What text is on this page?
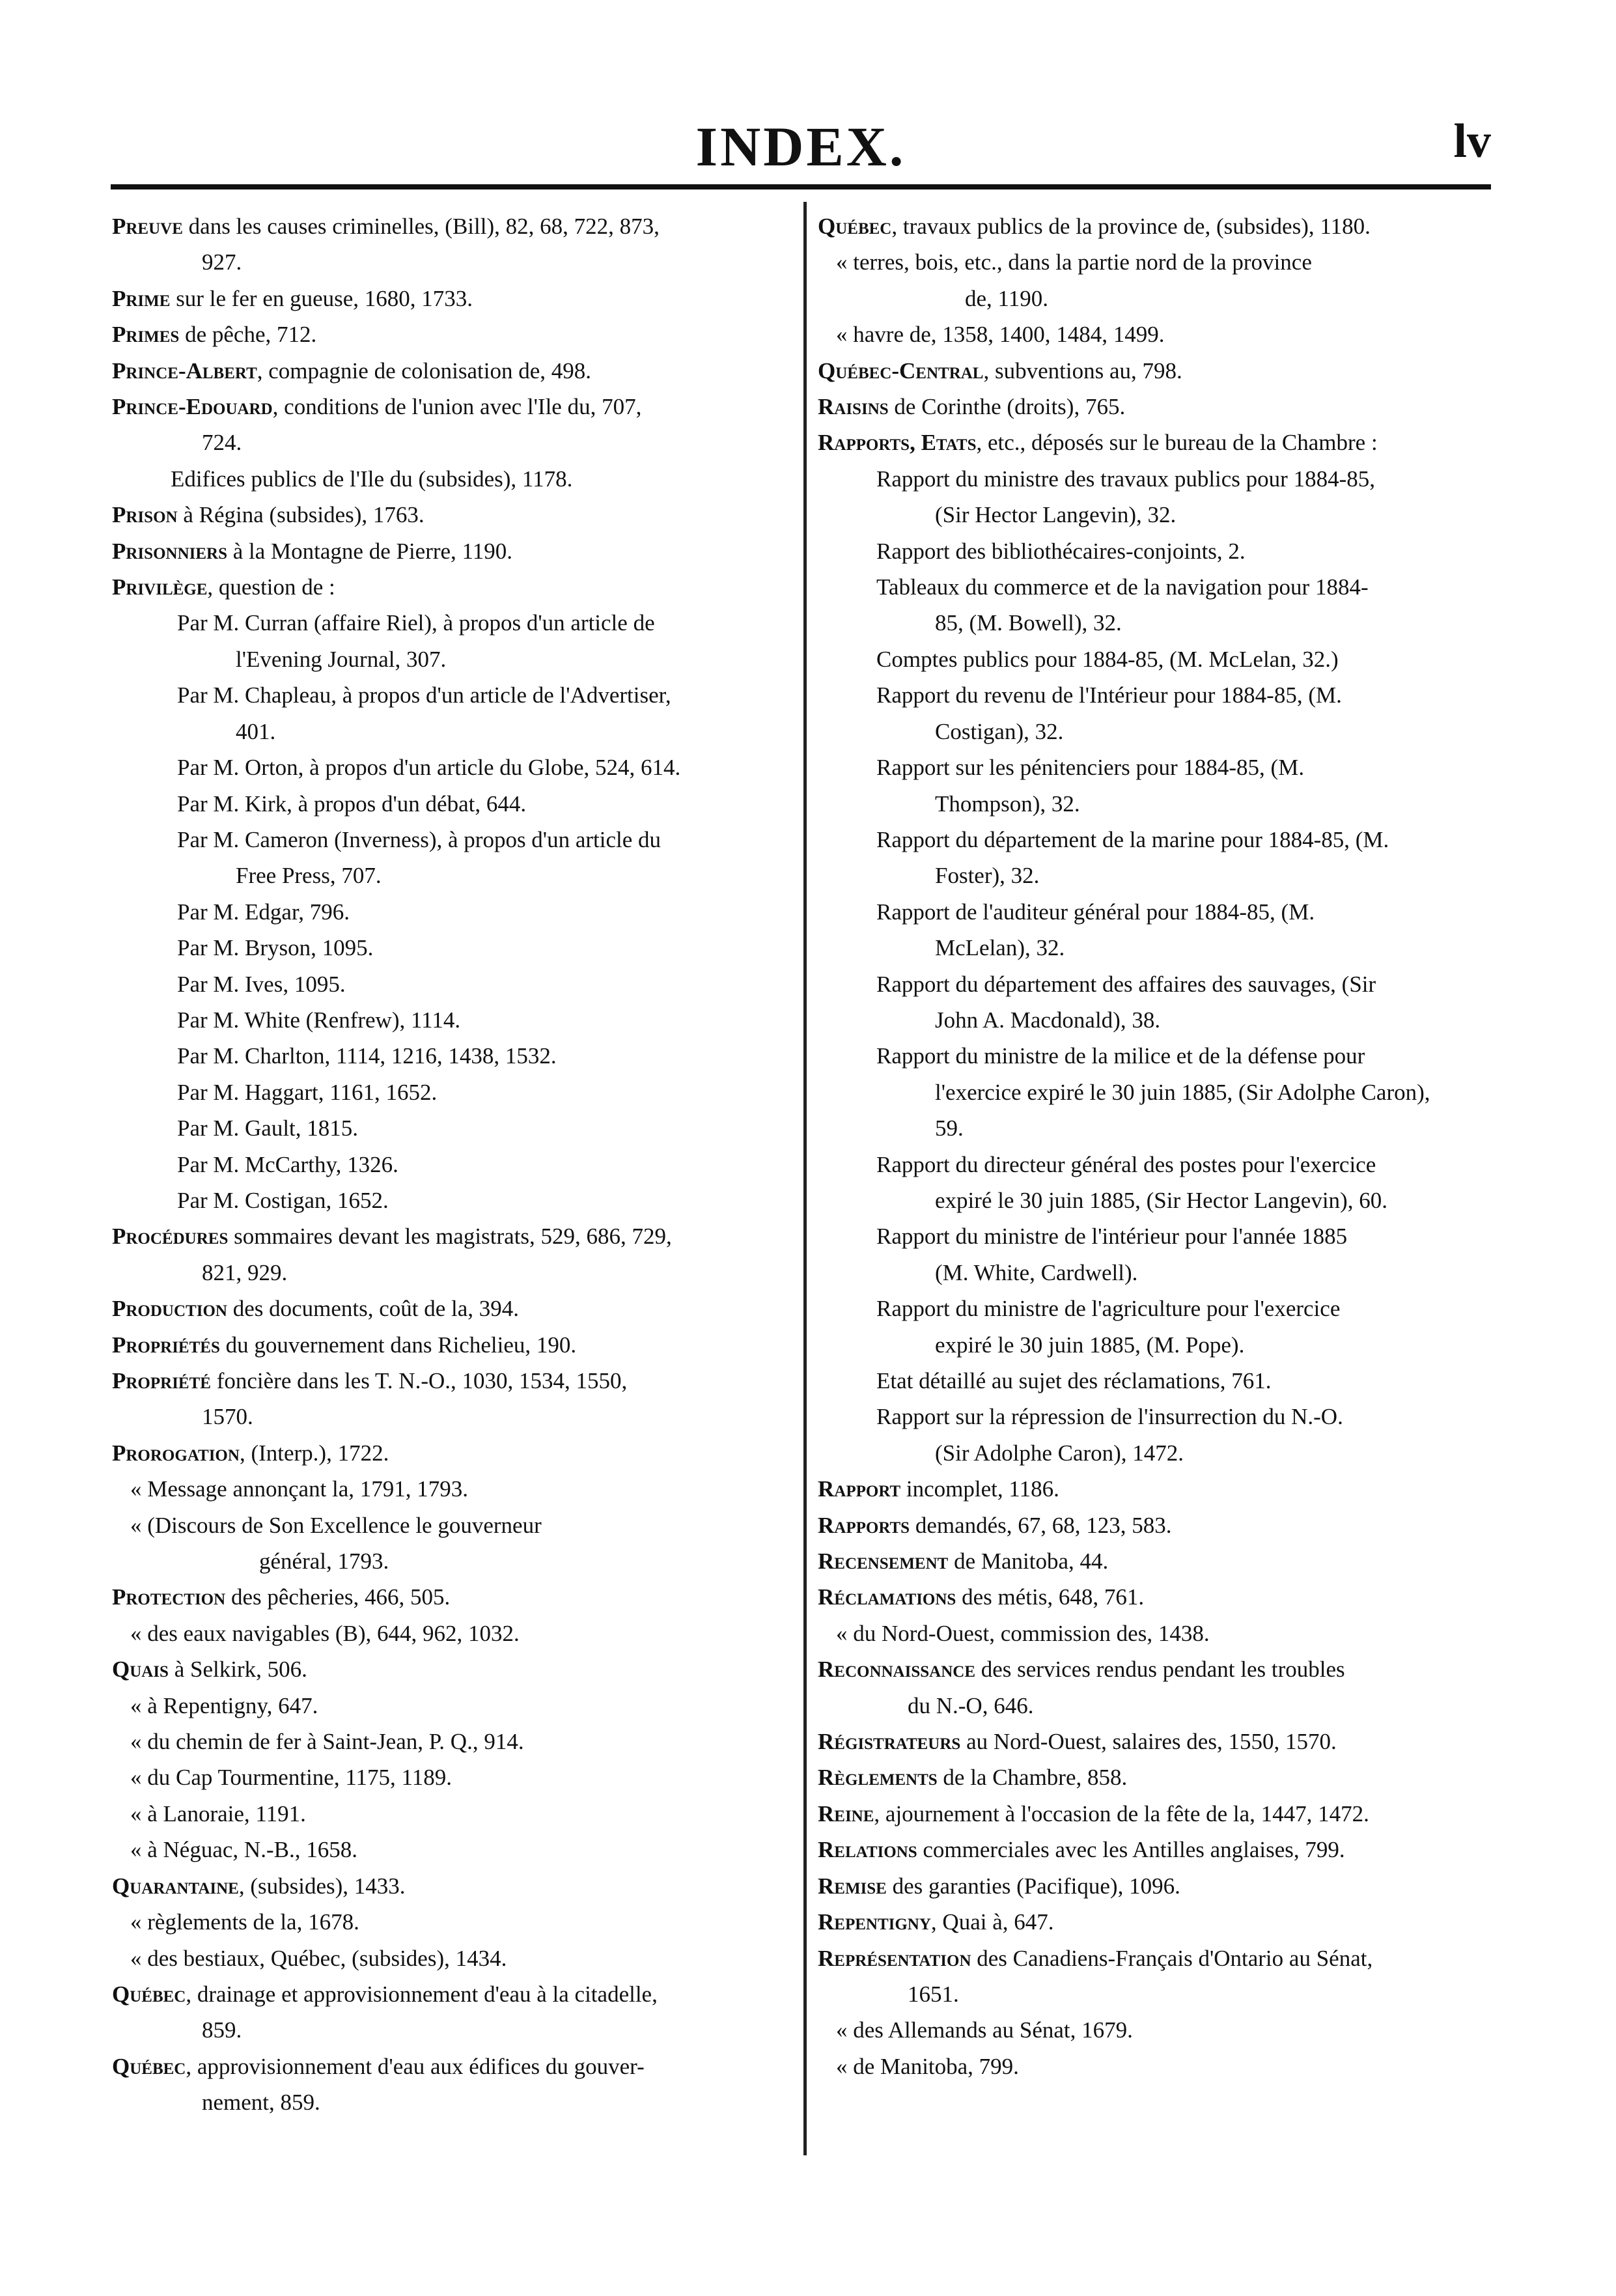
INDEX.	lv

Preuve dans les causes criminelles, (Bill), 82, 68, 722, 873,
927.

Prime sur le fer en gueuse, 1680, 1733.

Primes de pêche, 712.

Prince-Albert, compagnie de colonisation de, 498.

Prince-Edouard, conditions de l'union avec l'Ile du, 707,
724.

Edifices publics de l'Ile du (subsides), 1178.

Prison à Régina (subsides), 1763.

Prisonniers à la Montagne de Pierre, 1190.

Privilège, question de :

Par M. Curran (affaire Riel), à propos d'un article de
l'Evening Journal, 307.

Par M. Chapleau, à propos d'un article de l'Advertiser,
401.

Par M. Orton, à propos d'un article du Globe, 524, 614.

Par M. Kirk, à propos d'un débat, 644.

Par M. Cameron (Inverness), à propos d'un article du
Free Press, 707.

Par M. Edgar, 796.

Par M. Bryson, 1095.

Par M. Ives, 1095.

Par M. White (Renfrew), 1114.

Par M. Charlton, 1114, 1216, 1438, 1532.

Par M. Haggart, 1161, 1652.

Par M. Gault, 1815.

Par M. McCarthy, 1326.

Par M. Costigan, 1652.

Procédures sommaires devant les magistrats, 529, 686, 729,
821, 929.

Production des documents, coût de la, 394.

Propriétés du gouvernement dans Richelieu, 190.

Propriété foncière dans les T. N.-O., 1030, 1534, 1550,
1570.

Prorogation, (Interp.), 1722.

« Message annonçant la, 1791, 1793.

« (Discours de Son Excellence le gouverneur
général, 1793.

Protection des pêcheries, 466, 505.

« des eaux navigables (B), 644, 962, 1032.

Quais à Selkirk, 506.

« à Repentigny, 647.

« du chemin de fer à Saint-Jean, P. Q., 914.

« du Cap Tourmentine, 1175, 1189.

« à Lanoraie, 1191.

« à Néguac, N.-B., 1658.

Quarantaine, (subsides), 1433.

« règlements de la, 1678.

« des bestiaux, Québec, (subsides), 1434.

Québec, drainage et approvisionnement d'eau à la citadelle,
859.

Québec, approvisionnement d'eau aux édifices du gouver-
nement, 859.

Québec, travaux publics de la province de, (subsides), 1180.

« terres, bois, etc., dans la partie nord de la province
de, 1190.

« havre de, 1358, 1400, 1484, 1499.

Québec-Central, subventions au, 798.

Raisins de Corinthe (droits), 765.

Rapports, Etats, etc., déposés sur le bureau de la Chambre :

Rapport du ministre des travaux publics pour 1884-85,
(Sir Hector Langevin), 32.

Rapport des bibliothécaires-conjoints, 2.

Tableaux du commerce et de la navigation pour 1884-
85, (M. Bowell), 32.

Comptes publics pour 1884-85, (M. McLelan, 32.)

Rapport du revenu de l'Intérieur pour 1884-85, (M.
Costigan), 32.

Rapport sur les pénitenciers pour 1884-85, (M.
Thompson), 32.

Rapport du département de la marine pour 1884-85, (M.
Foster), 32.

Rapport de l'auditeur général pour 1884-85, (M.
McLelan), 32.

Rapport du département des affaires des sauvages, (Sir
John A. Macdonald), 38.

Rapport du ministre de la milice et de la défense pour
l'exercice expiré le 30 juin 1885, (Sir Adolphe Caron),

59.

Rapport du directeur général des postes pour l'exercice
expiré le 30 juin 1885, (Sir Hector Langevin), 60.

Rapport du ministre de l'intérieur pour l'année 1885
(M. White, Cardwell).

Rapport du ministre de l'agriculture pour l'exercice
expiré le 30 juin 1885, (M. Pope).

Etat détaillé au sujet des réclamations, 761.

Rapport sur la répression de l'insurrection du N.-O.
(Sir Adolphe Caron), 1472.

Rapport incomplet, 1186.

Rapports demandés, 67, 68, 123, 583.

Recensement de Manitoba, 44.

Réclamations des métis, 648, 761.

« du Nord-Ouest, commission des, 1438.

Reconnaissance des services rendus pendant les troubles
du N.-O, 646.

Régistrateurs au Nord-Ouest, salaires des, 1550, 1570.

Règlements de la Chambre, 858.

Reine, ajournement à l'occasion de la fête de la, 1447, 1472.

Relations commerciales avec les Antilles anglaises, 799.

Remise des garanties (Pacifique), 1096.

Repentigny, Quai à, 647.

Représentation des Canadiens-Français d'Ontario au Sénat,
1651.

« des Allemands au Sénat, 1679.

« de Manitoba, 799.
